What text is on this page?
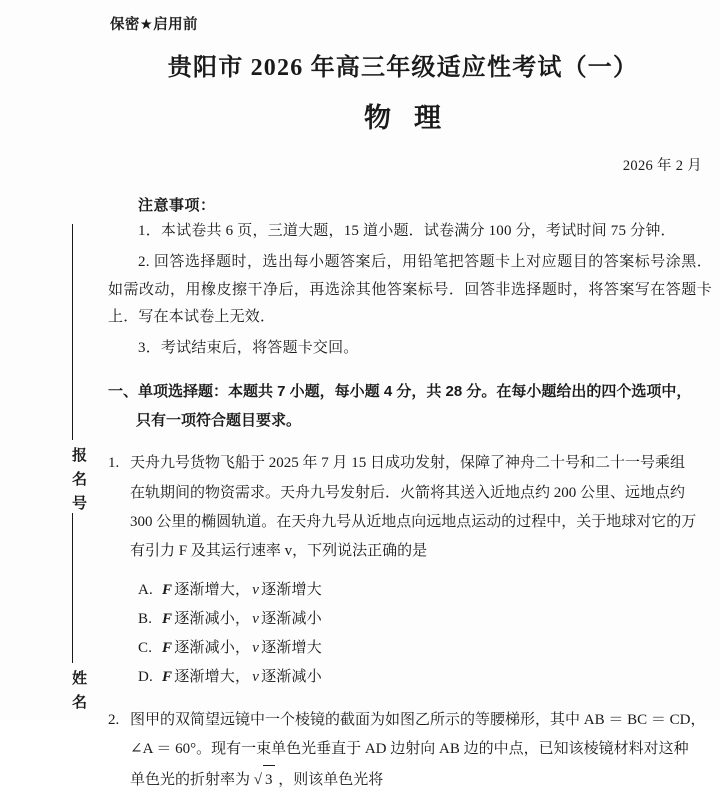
报名号
姓名
保密★启用前
贵阳市 2026 年高三年级适应性考试（一）
物 理
2026 年 2 月
注意事项：
1．本试卷共 6 页，三道大题，15 道小题．试卷满分 100 分，考试时间 75 分钟．
2. 回答选择题时，选出每小题答案后，用铅笔把答题卡上对应题目的答案标号涂黑．如需改动，用橡皮擦干净后，再选涂其他答案标号．回答非选择题时，将答案写在答题卡上．写在本试卷上无效．
3．考试结束后，将答题卡交回。
一、单项选择题：本题共 7 小题，每小题 4 分，共 28 分。在每小题给出的四个选项中，
只有一项符合题目要求。
1. 天舟九号货物飞船于 2025 年 7 月 15 日成功发射，保障了神舟二十号和二十一号乘组
在轨期间的物资需求。天舟九号发射后．火箭将其送入近地点约 200 公里、远地点约
300 公里的椭圆轨道。在天舟九号从近地点向远地点运动的过程中，关于地球对它的万
有引力 F 及其运行速率 v，下列说法正确的是
A. F 逐渐增大， v 逐渐增大
B. F 逐渐减小， v 逐渐减小
C. F 逐渐减小， v 逐渐增大
D. F 逐渐增大， v 逐渐减小
2. 图甲的双简望远镜中一个棱镜的截面为如图乙所示的等腰梯形，其中 AB ＝ BC ＝ CD，
∠A ＝ 60°。现有一束单色光垂直于 AD 边射向 AB 边的中点，已知该棱镜材料对这种
单色光的折射率为 √ 3 ，则该单色光将
